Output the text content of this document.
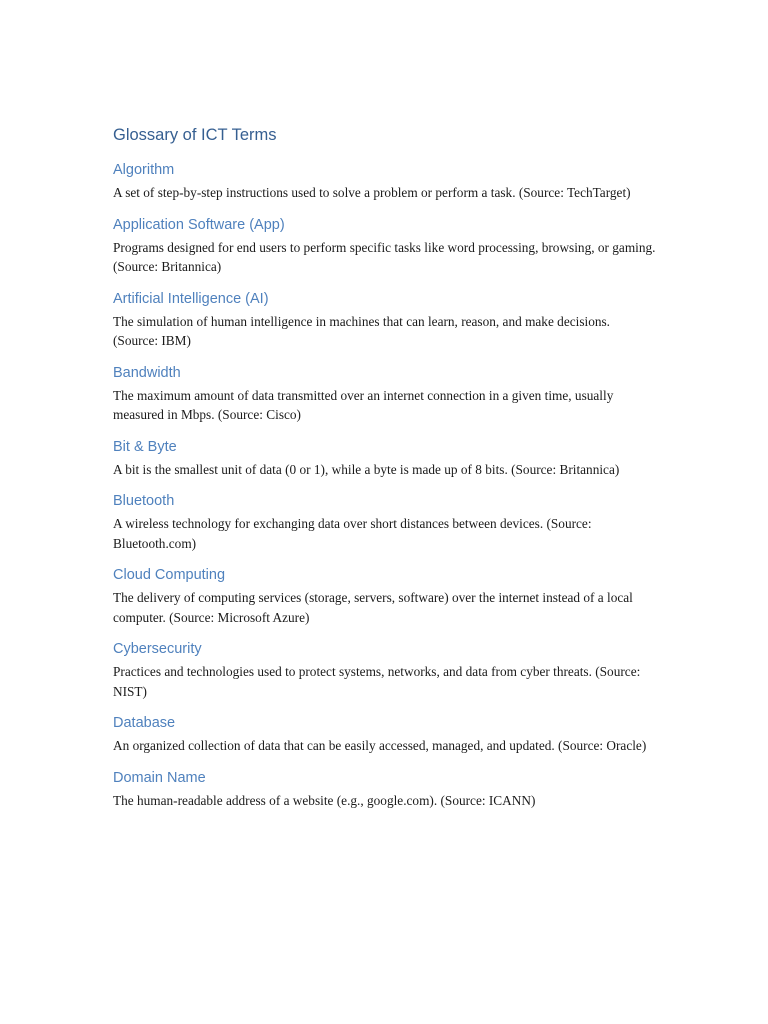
Glossary of ICT Terms
Algorithm

A set of step-by-step instructions used to solve a problem or perform a task. (Source: TechTarget)

Application Software (App)

Programs designed for end users to perform specific tasks like word processing, browsing, or gaming. (Source: Britannica)

Artificial Intelligence (AI)

The simulation of human intelligence in machines that can learn, reason, and make decisions. (Source: IBM)

Bandwidth

The maximum amount of data transmitted over an internet connection in a given time, usually measured in Mbps. (Source: Cisco)

Bit & Byte

A bit is the smallest unit of data (0 or 1), while a byte is made up of 8 bits. (Source: Britannica)

Bluetooth

A wireless technology for exchanging data over short distances between devices. (Source: Bluetooth.com)

Cloud Computing

The delivery of computing services (storage, servers, software) over the internet instead of a local computer. (Source: Microsoft Azure)

Cybersecurity

Practices and technologies used to protect systems, networks, and data from cyber threats. (Source: NIST)

Database

An organized collection of data that can be easily accessed, managed, and updated. (Source: Oracle)

Domain Name

The human-readable address of a website (e.g., google.com). (Source: ICANN)
